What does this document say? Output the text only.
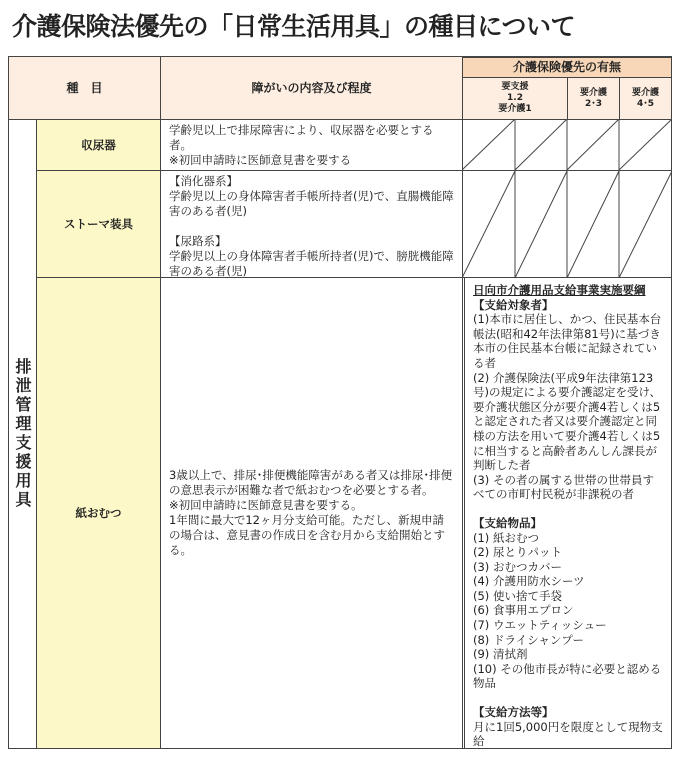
介護保険法優先の「日常生活用具」の種目について
種　目	障がいの内容及び程度
介護保険優先の有無
要支援
1.2
要介護1
要介護
2･3
要介護
4･5
排泄管理支援用具
収尿器
学齢児以上で排尿障害により、収尿器を必要とする者。
※初回申請時に医師意見書を要する
ストーマ装具
【消化器系】
学齢児以上の身体障害者手帳所持者(児)で、直腸機能障害のある者(児)

【尿路系】
学齢児以上の身体障害者手帳所持者(児)で、膀胱機能障害のある者(児)
紙おむつ
3歳以上で、排尿･排便機能障害がある者又は排尿･排便の意思表示が困難な者で紙おむつを必要とする者。
※初回申請時に医師意見書を要する。
1年間に最大で12ヶ月分支給可能。ただし、新規申請の場合は、意見書の作成日を含む月から支給開始とする。
日向市介護用品支給事業実施要綱
【支給対象者】
(1)本市に居住し、かつ、住民基本台帳法(昭和42年法律第81号)に基づき本市の住民基本台帳に記録されている者
(2) 介護保険法(平成9年法律第123号)の規定による要介護認定を受け、要介護状態区分が要介護4若しくは5と認定された者又は要介護認定と同様の方法を用いて要介護4若しくは5に相当すると高齢者あんしん課長が判断した者
(3) その者の属する世帯の世帯員すべての市町村民税が非課税の者
【支給物品】
(1) 紙おむつ
(2) 尿とりパット
(3) おむつカバー
(4) 介護用防水シーツ
(5) 使い捨て手袋
(6) 食事用エプロン
(7) ウエットティッシュー
(8) ドライシャンプー
(9) 清拭剤
(10) その他市長が特に必要と認める物品
【支給方法等】
月に1回5,000円を限度として現物支給
